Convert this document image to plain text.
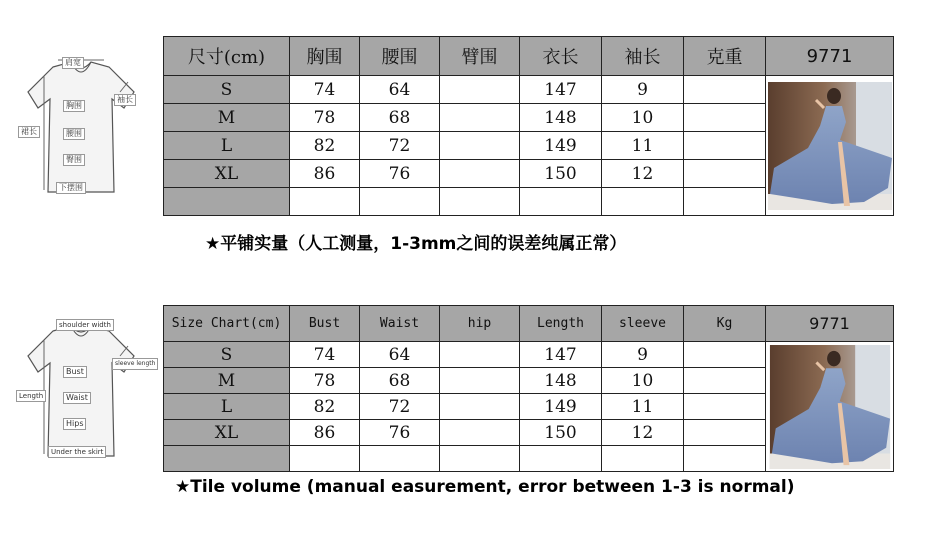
肩宽
袖长
胸围
裙长	腰围
臀围
下摆围
尺寸(cm)	胸围	腰围	臂围	衣长	袖长	克重	9771
S	74	64		147	9		

M	78	68		148	10		
L	82	72		149	11		
XL	86	76		150	12		

★平铺实量（人工测量，1-3mm之间的误差纯属正常）
shoulder width
sleeve length
Bust
Length	Waist
Hips
Under the skirt
Size Chart(cm)	Bust	Waist	hip	Length	sleeve	Kg	9771
S	74	64		147	9		

M	78	68		148	10		
L	82	72		149	11		
XL	86	76		150	12		

★Tile volume (manual easurement, error between 1-3 is normal)
